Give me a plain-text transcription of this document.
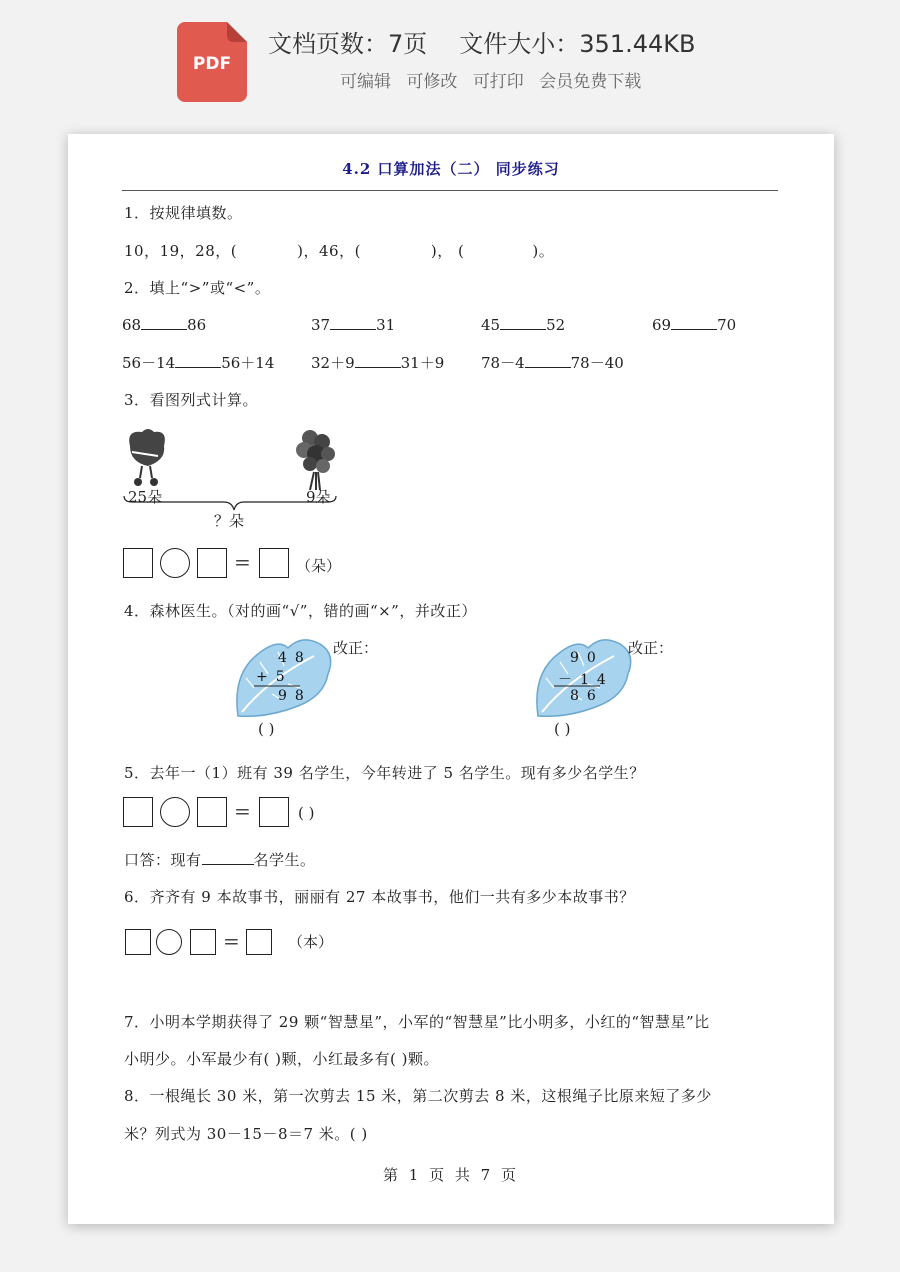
PDF
文档页数：7页 文件大小：351.44KB
可编辑 可修改 可打印 会员免费下载
4.2 口算加法（二） 同步练习
1．按规律填数。
10，19，28，(	)，46，(	)， (	)。
2．填上“>”或“<”。
68	86	37	31	45	52	69	70
56－14	56＋14 32＋9	31＋9 78－4	78－40
3．看图列式计算。
25朵	9朵
？朵
=	（朵）
4．森林医生。（对的画“√”，错的画“×”，并改正）
48
+5
98
改正：
( )
90
－14
86
改正：
( )
5．去年一（1）班有 39 名学生，今年转进了 5 名学生。现有多少名学生？
=	( )
口答：现有	名学生。
6．齐齐有 9 本故事书，丽丽有 27 本故事书，他们一共有多少本故事书？
=	（本）
7．小明本学期获得了 29 颗“智慧星”，小军的“智慧星”比小明多，小红的“智慧星”比
小明少。小军最少有( )颗，小红最多有( )颗。
8．一根绳长 30 米，第一次剪去 15 米，第二次剪去 8 米，这根绳子比原来短了多少
米？列式为 30－15－8＝7 米。( )
第 1 页 共 7 页
